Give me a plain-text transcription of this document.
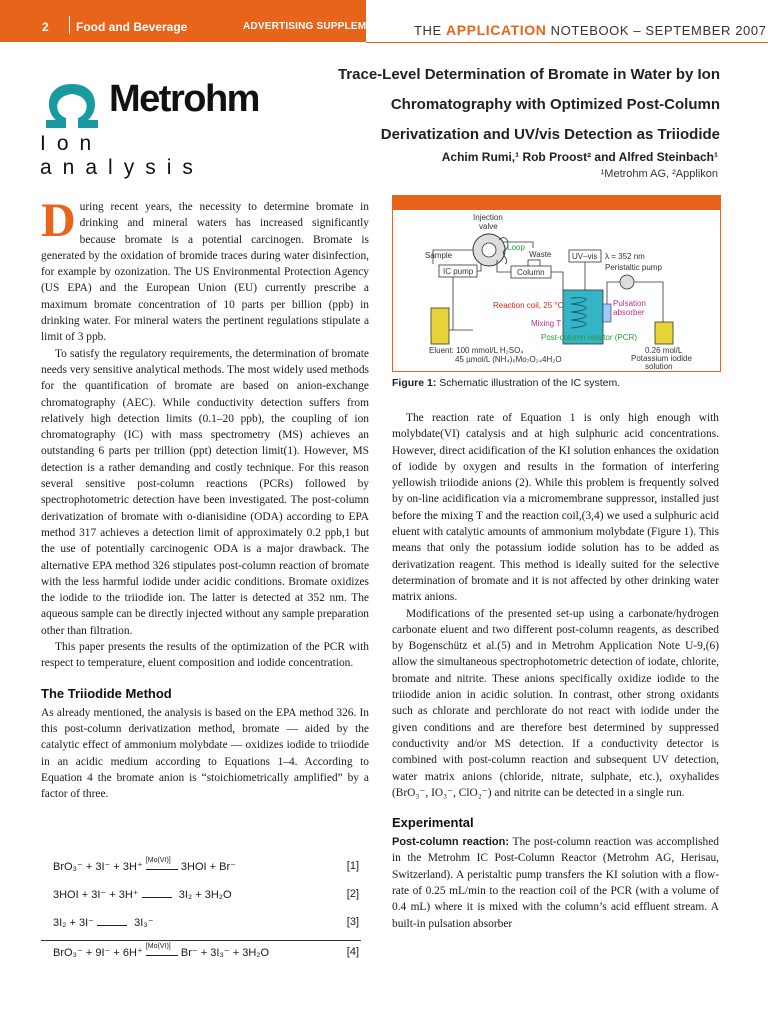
2 Food and Beverage	ADVERTISING SUPPLEMENT THE APPLICATION NOTEBOOK – SEPTEMBER 2007
Metrohm
Ion analysis
Trace-Level Determination of Bromate in Water by Ion
Chromatography with Optimized Post-Column
Derivatization and UV/vis Detection as Triiodide
Achim Rumi,¹ Rob Proost² and Alfred Steinbach¹
¹Metrohm AG, ²Applikon

During recent years, the necessity to determine bromate in drinking and mineral waters has increased significantly because bromate is a potential carcinogen. Bromate is generated by the oxidation of bromide traces during water disinfection, for example by ozonization. The US Environmental Protection Agency (US EPA) and the European Union (EU) currently prescribe a maximum bromate concentration of 10 parts per billion (ppb) in drinking water. For mineral waters the pertinent regulations stipulate a limit of 3 ppb.

To satisfy the regulatory requirements, the determination of bromate needs very sensitive analytical methods. The most widely used methods for the quantification of bromate are based on anion-exchange chromatography (AEC). While conductivity detection suffers from relatively high detection limits (0.1–20 ppb), the coupling of ion chromatography (IC) with mass spectrometry (MS) achieves an outstanding 6 parts per trillion (ppt) detection limit(1). However, MS detection is a rather demanding and costly technique. For this reason several sensitive post-column reactions (PCRs) followed by spectrophotometric detection have been investigated. The post-column derivatization of bromate with o-dianisidine (ODA) according to EPA method 317 achieves a detection limit of approximately 0.2 ppb,1 but the use of potentially carcinogenic ODA is a major drawback. The alternative EPA method 326 stipulates post-column reaction of bromate with the less harmful iodide under acidic conditions. Bromate oxidizes the iodide to the triiodide ion. The latter is detected at 352 nm. The aqueous sample can be directly injected without any sample preparation other than filtration.

This paper presents the results of the optimization of the PCR with respect to temperature, eluent composition and iodide concentration.

The Triiodide Method

As already mentioned, the analysis is based on the EPA method 326. In this post-column derivatization method, bromate — aided by the catalytic effect of ammonium molybdate — oxidizes iodide to triiodide in an acidic medium according to Equations 1–4. According to Equation 4 the bromate anion is “stoichiometrically amplified” by a factor of three.

BrO₃⁻ + 3I⁻ + 3H⁺
[Mo(VI)]
3HOI + Br⁻	[1]
3HOI + 3I⁻ + 3H⁺	3I₂ + 3H₂O	[2]
3I₂ + 3I⁻	3I₃⁻	[3]
BrO₃⁻ + 9I⁻ + 6H⁺
[Mo(VI)]
Br⁻ + 3I₃⁻ + 3H₂O	[4]
Injection
valve
Loop
Sample	Waste
IC pump	Column
UV–vis λ = 352 nm
Peristaltic pump
Reaction coil, 25 °C	Pulsation
absorber
Mixing T
Post-column reactor (PCR)
Eluent: 100 mmol/L H₂SO₄
45 µmol/L (NH₄)₆Mo₇O₂₄4H₂O
0.26 mol/L
Potassium iodide
solution
Figure 1: Schematic illustration of the IC system.

The reaction rate of Equation 1 is only high enough with molybdate(VI) catalysis and at high sulphuric acid concentrations. However, direct acidification of the KI solution enhances the oxidation of iodide by oxygen and results in the formation of interfering yellowish triiodide anions (2). While this problem is frequently solved by on-line acidification via a micromembrane suppressor, installed just before the mixing T and the reaction coil,(3,4) we used a sulphuric acid eluent with catalytic amounts of ammonium molybdate (Figure 1). This means that only the potassium iodide solution has to be added as derivatization reagent. This method is ideally suited for the selective determination of bromate and it is not affected by other drinking water matrix anions.

Modifications of the presented set-up using a carbonate/hydrogen carbonate eluent and two different post-column reagents, as described by Bogenschütz et al.(5) and in Metrohm Application Note U-9,(6) allow the simultaneous spectrophotometric detection of iodate, chlorite, bromate and nitrite. These anions specifically oxidize iodide to the triiodide anion in acidic solution. In contrast, other strong oxidants such as chlorate and perchlorate do not react with iodide under the given conditions and are therefore best determined by suppressed conductivity and/or MS detection. If a conductivity detector is combined with post-column reaction and subsequent UV detection, water matrix anions (chloride, nitrate, sulphate, etc.), oxyhalides (BrO₃⁻, IO₃⁻, ClO₂⁻) and nitrite can be detected in a single run.

Experimental

Post-column reaction: The post-column reaction was accomplished in the Metrohm IC Post-Column Reactor (Metrohm AG, Herisau, Switzerland). A peristaltic pump transfers the KI solution with a flow-rate of 0.25 mL/min to the reaction coil of the PCR (with a volume of 0.4 mL) where it is mixed with the column’s acid effluent stream. A built-in pulsation absorber
